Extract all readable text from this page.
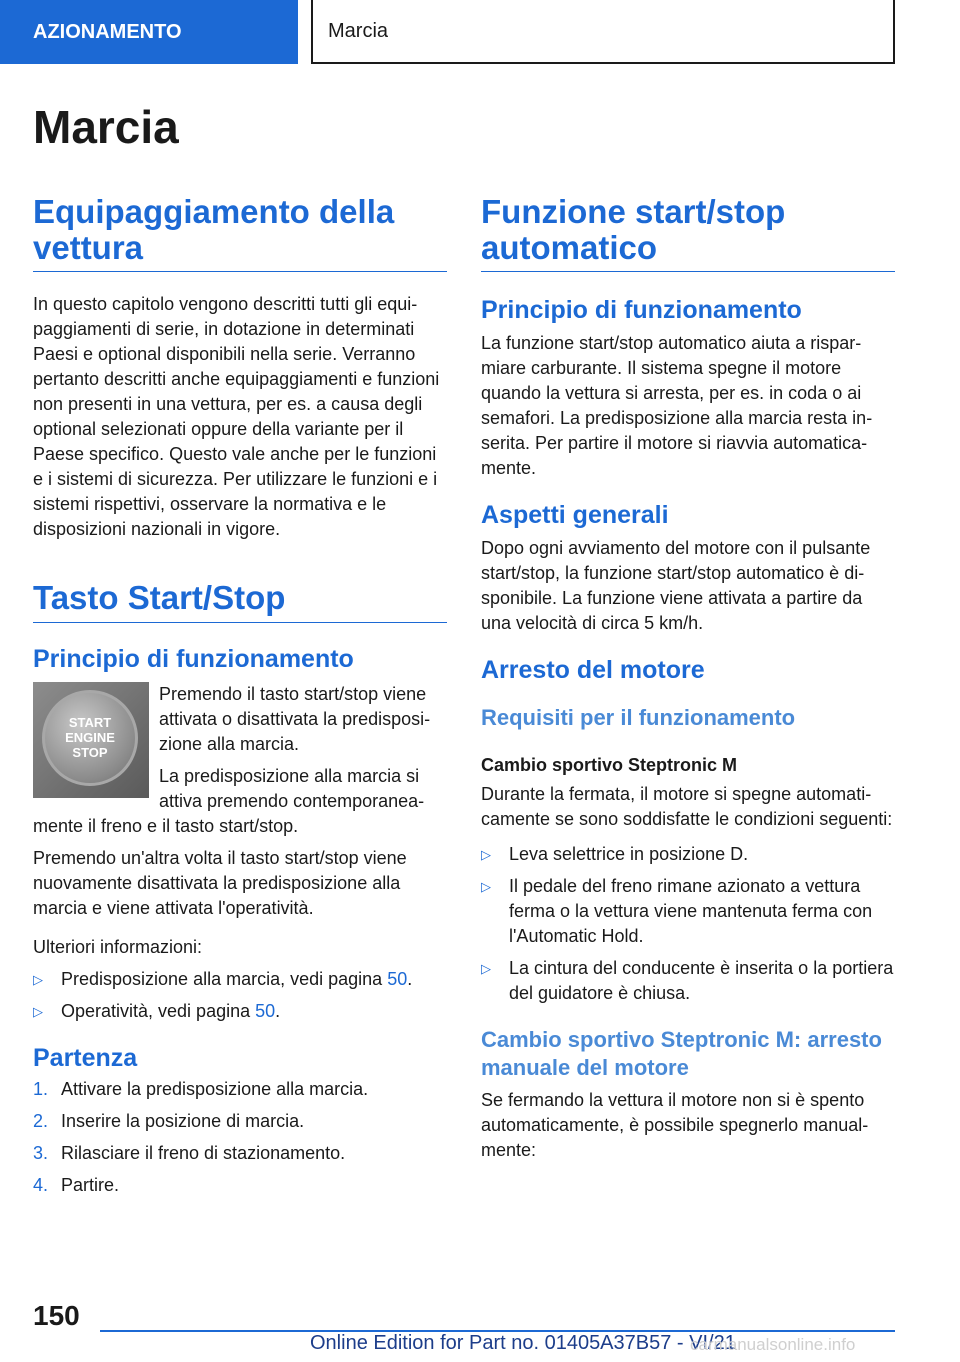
AZIONAMENTO	Marcia
Marcia
Equipaggiamento della vettura

In questo capitolo vengono descritti tutti gli equipaggiamenti di serie, in dotazione in determinati Paesi e optional disponibili nella serie. Verranno pertanto descritti anche equipaggiamenti e funzioni non presenti in una vettura, per es. a causa degli optional selezionati oppure della variante per il Paese specifico. Questo vale anche per le funzioni e i sistemi di sicurezza. Per utilizzare le funzioni e i sistemi rispettivi, osservare la normativa e le disposizioni nazionali in vigore.

Tasto Start/Stop
Principio di funzionamento
START
ENGINE
STOP

Premendo il tasto start/stop viene attivata o disattivata la predisposizione alla marcia.

La predisposizione alla marcia si attiva premendo contemporaneamente il freno e il tasto start/stop.

Premendo un'altra volta il tasto start/stop viene nuovamente disattivata la predisposizione alla marcia e viene attivata l'operatività.

Ulteriori informazioni:

▷	Predisposizione alla marcia, vedi pagina 50.
▷	Operatività, vedi pagina 50.
Partenza
1. Attivare la predisposizione alla marcia.
2. Inserire la posizione di marcia.
3. Rilasciare il freno di stazionamento.
4. Partire.
Funzione start/stop automatico
Principio di funzionamento

La funzione start/stop automatico aiuta a risparmiare carburante. Il sistema spegne il motore quando la vettura si arresta, per es. in coda o ai semafori. La predisposizione alla marcia resta inserita. Per partire il motore si riavvia automaticamente.

Aspetti generali

Dopo ogni avviamento del motore con il pulsante start/stop, la funzione start/stop automatico è disponibile. La funzione viene attivata a partire da una velocità di circa 5 km/h.

Arresto del motore
Requisiti per il funzionamento
Cambio sportivo Steptronic M

Durante la fermata, il motore si spegne automaticamente se sono soddisfatte le condizioni seguenti:

▷	Leva selettrice in posizione D.
▷	Il pedale del freno rimane azionato a vettura ferma o la vettura viene mantenuta ferma con l'Automatic Hold.
▷	La cintura del conducente è inserita o la portiera del guidatore è chiusa.
Cambio sportivo Steptronic M: arresto manuale del motore

Se fermando la vettura il motore non si è spento automaticamente, è possibile spegnerlo manualmente:

150
Online Edition for Part no. 01405A37B57 - VI/21
carmanualsonline.info
